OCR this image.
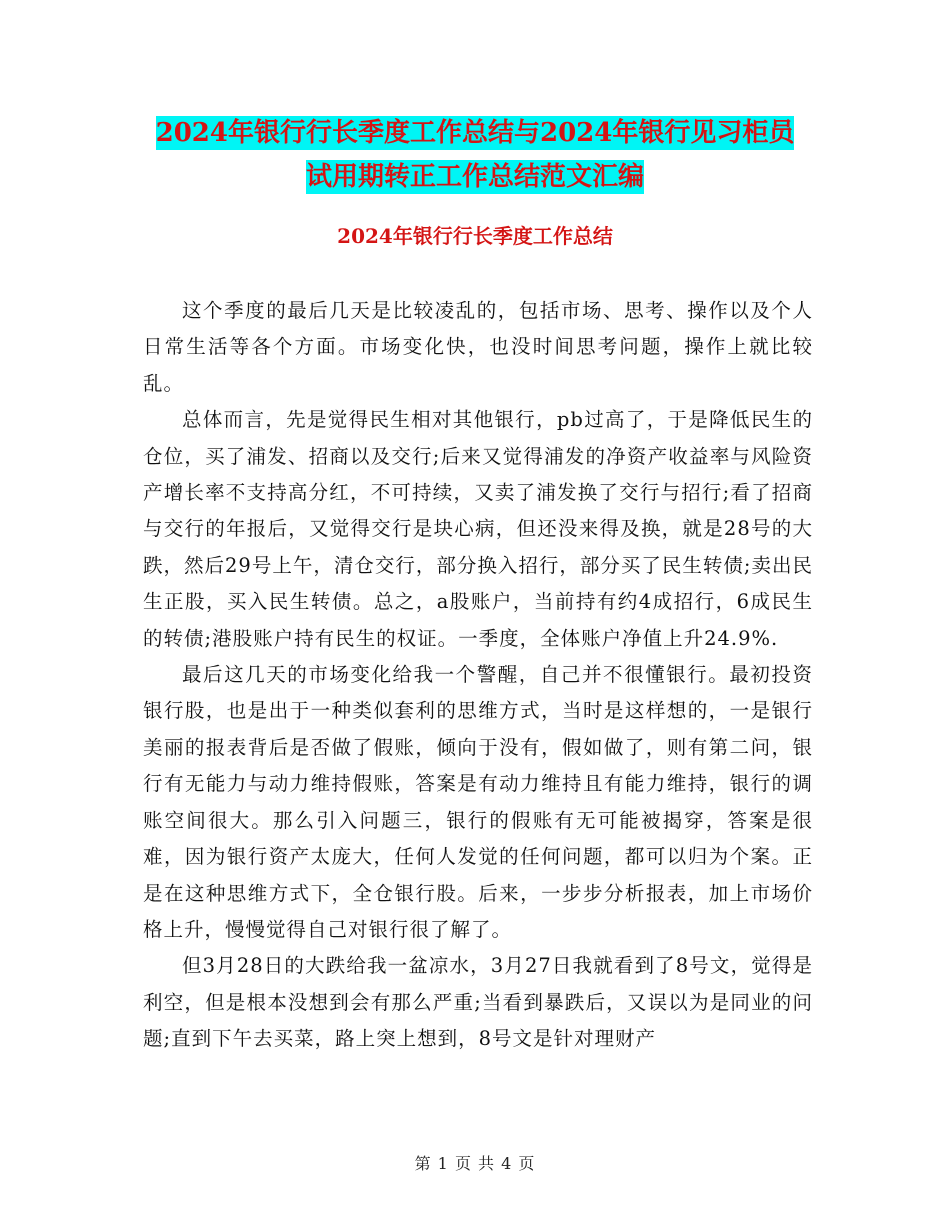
2024年银行行长季度工作总结与2024年银行见习柜员
试用期转正工作总结范文汇编
2024年银行行长季度工作总结

这个季度的最后几天是比较凌乱的，包括市场、思考、操作以及个人日常生活等各个方面。市场变化快，也没时间思考问题，操作上就比较乱。

总体而言，先是觉得民生相对其他银行，pb过高了，于是降低民生的仓位，买了浦发、招商以及交行;后来又觉得浦发的净资产收益率与风险资产增长率不支持高分红，不可持续，又卖了浦发换了交行与招行;看了招商与交行的年报后，又觉得交行是块心病，但还没来得及换，就是28号的大跌，然后29号上午，清仓交行，部分换入招行，部分买了民生转债;卖出民生正股，买入民生转债。总之，a股账户，当前持有约4成招行，6成民生的转债;港股账户持有民生的权证。一季度，全体账户净值上升24.9%.

最后这几天的市场变化给我一个警醒，自己并不很懂银行。最初投资银行股，也是出于一种类似套利的思维方式，当时是这样想的，一是银行美丽的报表背后是否做了假账，倾向于没有，假如做了，则有第二问，银行有无能力与动力维持假账，答案是有动力维持且有能力维持，银行的调账空间很大。那么引入问题三，银行的假账有无可能被揭穿，答案是很难，因为银行资产太庞大，任何人发觉的任何问题，都可以归为个案。正是在这种思维方式下，全仓银行股。后来，一步步分析报表，加上市场价格上升，慢慢觉得自己对银行很了解了。

但3月28日的大跌给我一盆凉水，3月27日我就看到了8号文，觉得是利空，但是根本没想到会有那么严重;当看到暴跌后，又误以为是同业的问题;直到下午去买菜，路上突上想到，8号文是针对理财产

第 1 页 共 4 页
